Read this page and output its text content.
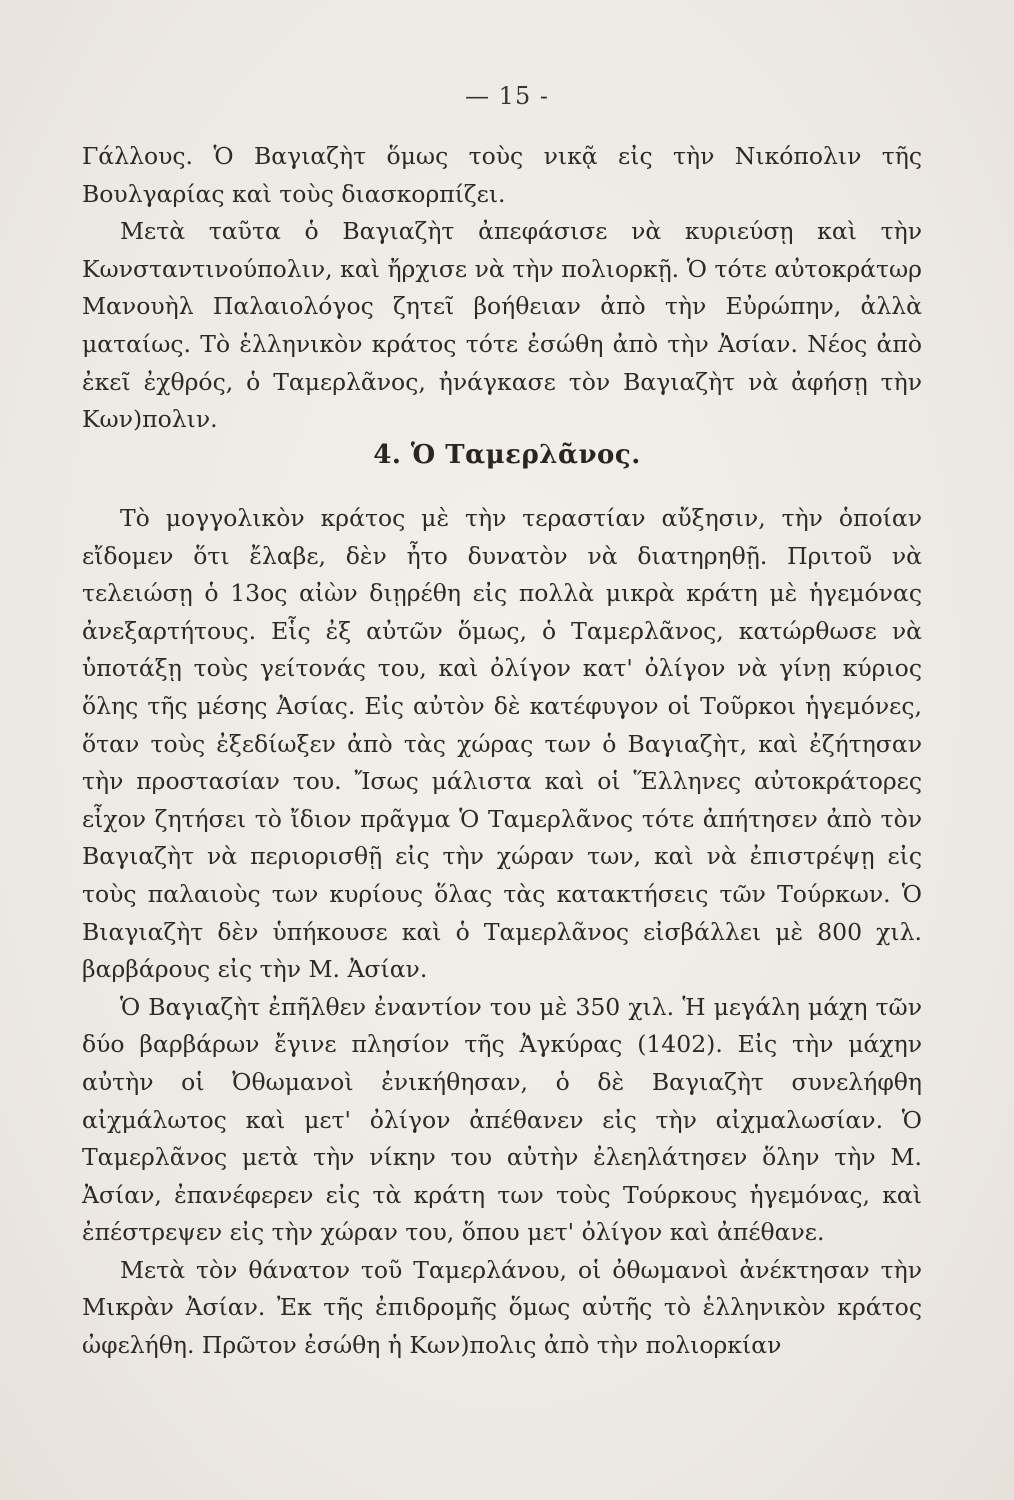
— 15 -

Γάλλους. Ὁ Βαγιαζὴτ ὅμως τοὺς νικᾷ εἰς τὴν Νικόπολιν τῆς Βουλγαρίας καὶ τοὺς διασκορπίζει.

Μετὰ ταῦτα ὁ Βαγιαζὴτ ἀπεφάσισε νὰ κυριεύσῃ καὶ τὴν Κωνσταντινούπολιν, καὶ ἤρχισε νὰ τὴν πολιορκῇ. Ὁ τότε αὐτοκράτωρ Μανουὴλ Παλαιολόγος ζητεῖ βοήθειαν ἀπὸ τὴν Εὐρώπην, ἀλλὰ ματαίως. Τὸ ἑλληνικὸν κράτος τότε ἐσώθη ἀπὸ τὴν Ἀσίαν. Νέος ἀπὸ ἐκεῖ ἐχθρός, ὁ Ταμερλᾶνος, ἠνάγκασε τὸν Βαγιαζὴτ νὰ ἀφήσῃ τὴν Κων)πολιν.

4. Ὁ Ταμερλᾶνος.

Τὸ μογγολικὸν κράτος μὲ τὴν τεραστίαν αὔξησιν, τὴν ὁποίαν εἴδομεν ὅτι ἔλαβε, δὲν ἦτο δυνατὸν νὰ διατηρηθῇ. Πριτοῦ νὰ τελειώσῃ ὁ 13ος αἰὼν διῃρέθη εἰς πολλὰ μικρὰ κράτη μὲ ἡγεμόνας ἀνεξαρτήτους. Εἷς ἐξ αὐτῶν ὅμως, ὁ Ταμερλᾶνος, κατώρθωσε νὰ ὑποτάξῃ τοὺς γείτονάς του, καὶ ὀλίγον κατ' ὀλίγον νὰ γίνῃ κύριος ὅλης τῆς μέσης Ἀσίας. Εἰς αὐτὸν δὲ κατέφυγον οἱ Τοῦρκοι ἡγεμόνες, ὅταν τοὺς ἐξεδίωξεν ἀπὸ τὰς χώρας των ὁ Βαγιαζὴτ, καὶ ἐζήτησαν τὴν προστασίαν του. Ἴσως μάλιστα καὶ οἱ Ἕλληνες αὐτοκράτορες εἶχον ζητήσει τὸ ἴδιον πρᾶγμα Ὁ Ταμερλᾶνος τότε ἀπήτησεν ἀπὸ τὸν Βαγιαζὴτ νὰ περιορισθῇ εἰς τὴν χώραν των, καὶ νὰ ἐπιστρέψῃ εἰς τοὺς παλαιοὺς των κυρίους ὅλας τὰς κατακτήσεις τῶν Τούρκων. Ὁ Βιαγιαζὴτ δὲν ὑπήκουσε καὶ ὁ Ταμερλᾶνος εἰσβάλλει μὲ 800 χιλ. βαρβάρους εἰς τὴν Μ. Ἀσίαν.

Ὁ Βαγιαζὴτ ἐπῆλθεν ἐναντίον του μὲ 350 χιλ. Ἡ μεγάλη μάχη τῶν δύο βαρβάρων ἔγινε πλησίον τῆς Ἀγκύρας (1402). Εἰς τὴν μάχην αὐτὴν οἱ Ὀθωμανοὶ ἐνικήθησαν, ὁ δὲ Βαγιαζὴτ συνελήφθη αἰχμάλωτος καὶ μετ' ὀλίγον ἀπέθανεν εἰς τὴν αἰχμαλωσίαν. Ὁ Ταμερλᾶνος μετὰ τὴν νίκην του αὐτὴν ἐλεηλάτησεν ὅλην τὴν Μ. Ἀσίαν, ἐπανέφερεν εἰς τὰ κράτη των τοὺς Τούρκους ἡγεμόνας, καὶ ἐπέστρεψεν εἰς τὴν χώραν του, ὅπου μετ' ὀλίγον καὶ ἀπέθανε.

Μετὰ τὸν θάνατον τοῦ Ταμερλάνου, οἱ ὀθωμανοὶ ἀνέκτησαν τὴν Μικρὰν Ἀσίαν. Ἐκ τῆς ἐπιδρομῆς ὅμως αὐτῆς τὸ ἑλληνικὸν κράτος ὠφελήθη. Πρῶτον ἐσώθη ἡ Κων)πολις ἀπὸ τὴν πολιορκίαν
